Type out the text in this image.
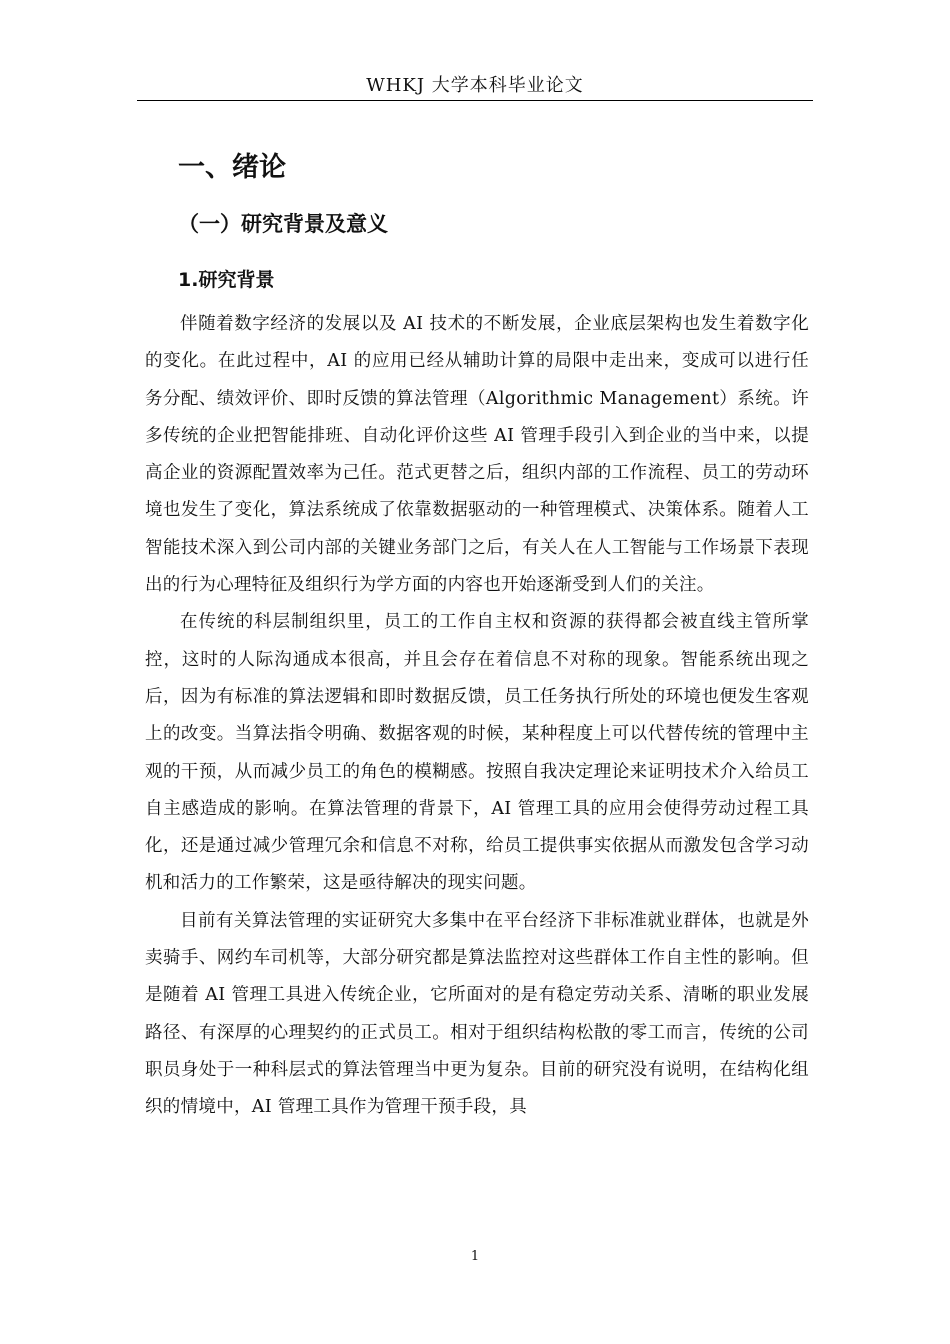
WHKJ 大学本科毕业论文
一、绪论
（一）研究背景及意义
1.研究背景

伴随着数字经济的发展以及 AI 技术的不断发展，企业底层架构也发生着数字化的变化。在此过程中，AI 的应用已经从辅助计算的局限中走出来，变成可以进行任务分配、绩效评价、即时反馈的算法管理（Algorithmic Management）系统。许多传统的企业把智能排班、自动化评价这些 AI 管理手段引入到企业的当中来，以提高企业的资源配置效率为己任。范式更替之后，组织内部的工作流程、员工的劳动环境也发生了变化，算法系统成了依靠数据驱动的一种管理模式、决策体系。随着人工智能技术深入到公司内部的关键业务部门之后，有关人在人工智能与工作场景下表现出的行为心理特征及组织行为学方面的内容也开始逐渐受到人们的关注。

在传统的科层制组织里，员工的工作自主权和资源的获得都会被直线主管所掌控，这时的人际沟通成本很高，并且会存在着信息不对称的现象。智能系统出现之后，因为有标准的算法逻辑和即时数据反馈，员工任务执行所处的环境也便发生客观上的改变。当算法指令明确、数据客观的时候，某种程度上可以代替传统的管理中主观的干预，从而减少员工的角色的模糊感。按照自我决定理论来证明技术介入给员工自主感造成的影响。在算法管理的背景下，AI 管理工具的应用会使得劳动过程工具化，还是通过减少管理冗余和信息不对称，给员工提供事实依据从而激发包含学习动机和活力的工作繁荣，这是亟待解决的现实问题。

目前有关算法管理的实证研究大多集中在平台经济下非标准就业群体，也就是外卖骑手、网约车司机等，大部分研究都是算法监控对这些群体工作自主性的影响。但是随着 AI 管理工具进入传统企业，它所面对的是有稳定劳动关系、清晰的职业发展路径、有深厚的心理契约的正式员工。相对于组织结构松散的零工而言，传统的公司职员身处于一种科层式的算法管理当中更为复杂。目前的研究没有说明，在结构化组织的情境中，AI 管理工具作为管理干预手段，具

1
